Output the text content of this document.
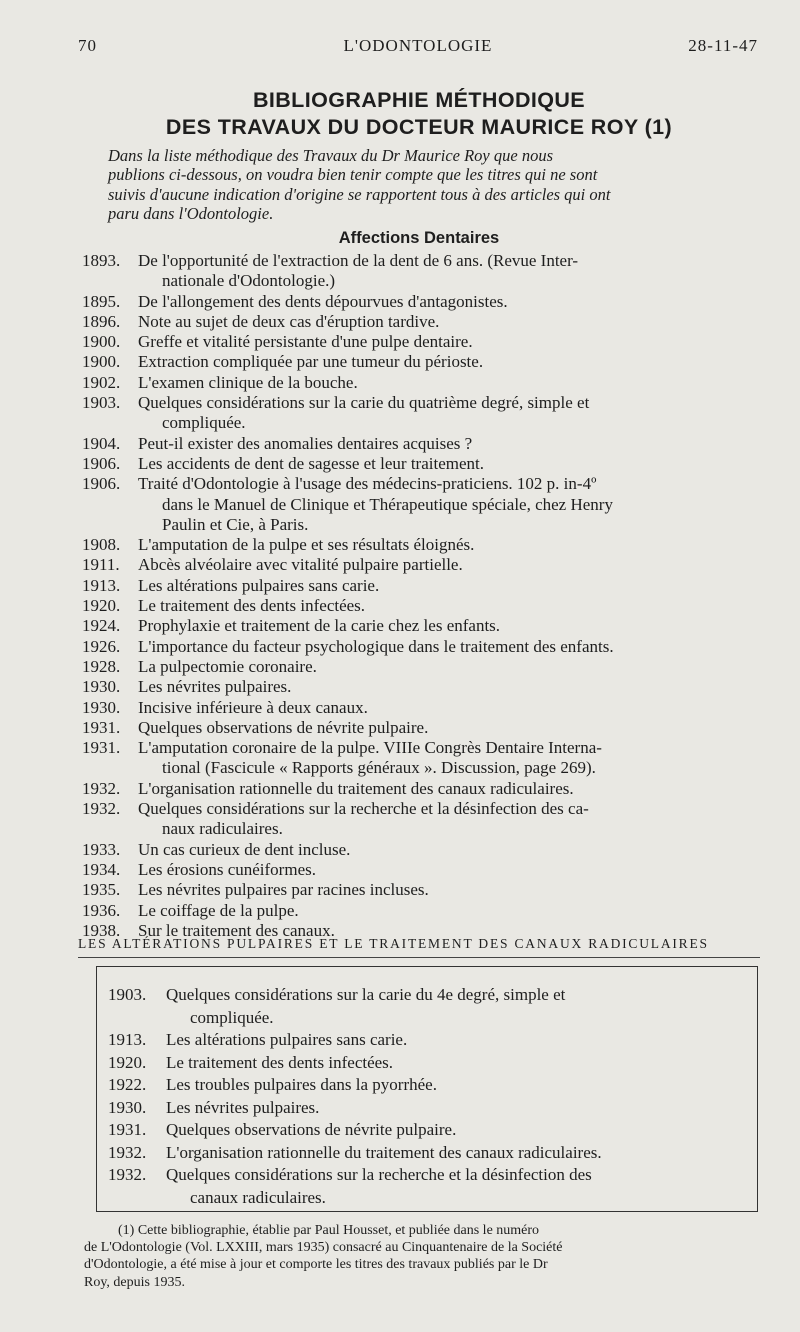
70	L'ODONTOLOGIE	28-11-47
BIBLIOGRAPHIE MÉTHODIQUE
DES TRAVAUX DU DOCTEUR MAURICE ROY (1)
Dans la liste méthodique des Travaux du Dr Maurice Roy que nous
publions ci-dessous, on voudra bien tenir compte que les titres qui ne sont
suivis d'aucune indication d'origine se rapportent tous à des articles qui ont
paru dans l'Odontologie.
Affections Dentaires
1893.	De l'opportunité de l'extraction de la dent de 6 ans. (Revue Inter-
nationale d'Odontologie.)
1895.	De l'allongement des dents dépourvues d'antagonistes.
1896.	Note au sujet de deux cas d'éruption tardive.
1900.	Greffe et vitalité persistante d'une pulpe dentaire.
1900.	Extraction compliquée par une tumeur du périoste.
1902.	L'examen clinique de la bouche.
1903.	Quelques considérations sur la carie du quatrième degré, simple et
compliquée.
1904.	Peut-il exister des anomalies dentaires acquises ?
1906.	Les accidents de dent de sagesse et leur traitement.
1906.	Traité d'Odontologie à l'usage des médecins-praticiens. 102 p. in-4º
dans le Manuel de Clinique et Thérapeutique spéciale, chez Henry
Paulin et Cie, à Paris.
1908.	L'amputation de la pulpe et ses résultats éloignés.
1911.	Abcès alvéolaire avec vitalité pulpaire partielle.
1913.	Les altérations pulpaires sans carie.
1920.	Le traitement des dents infectées.
1924.	Prophylaxie et traitement de la carie chez les enfants.
1926.	L'importance du facteur psychologique dans le traitement des enfants.
1928.	La pulpectomie coronaire.
1930.	Les névrites pulpaires.
1930.	Incisive inférieure à deux canaux.
1931.	Quelques observations de névrite pulpaire.
1931.	L'amputation coronaire de la pulpe. VIIIe Congrès Dentaire Interna-
tional (Fascicule « Rapports généraux ». Discussion, page 269).
1932.	L'organisation rationnelle du traitement des canaux radiculaires.
1932.	Quelques considérations sur la recherche et la désinfection des ca-
naux radiculaires.
1933.	Un cas curieux de dent incluse.
1934.	Les érosions cunéiformes.
1935.	Les névrites pulpaires par racines incluses.
1936.	Le coiffage de la pulpe.
1938.	Sur le traitement des canaux.
LES ALTÉRATIONS PULPAIRES ET LE TRAITEMENT DES CANAUX RADICULAIRES
1903.	Quelques considérations sur la carie du 4e degré, simple et
compliquée.
1913.	Les altérations pulpaires sans carie.
1920.	Le traitement des dents infectées.
1922.	Les troubles pulpaires dans la pyorrhée.
1930.	Les névrites pulpaires.
1931.	Quelques observations de névrite pulpaire.
1932.	L'organisation rationnelle du traitement des canaux radiculaires.
1932.	Quelques considérations sur la recherche et la désinfection des
canaux radiculaires.
(1) Cette bibliographie, établie par Paul Housset, et publiée dans le numéro
de L'Odontologie (Vol. LXXIII, mars 1935) consacré au Cinquantenaire de la Société
d'Odontologie, a été mise à jour et comporte les titres des travaux publiés par le Dr
Roy, depuis 1935.
